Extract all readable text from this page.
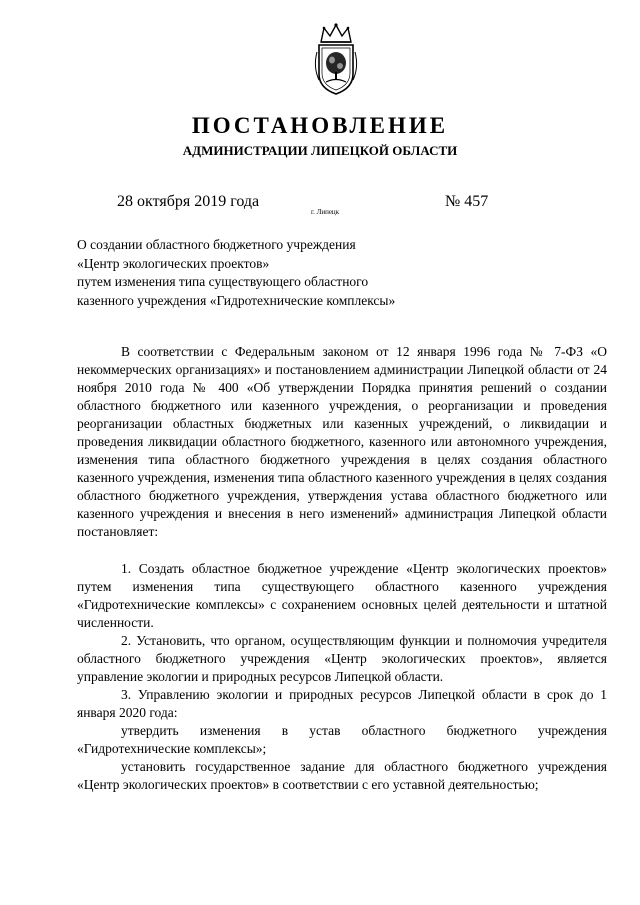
ПОСТАНОВЛЕНИЕ
АДМИНИСТРАЦИИ ЛИПЕЦКОЙ ОБЛАСТИ
28 октября 2019 года
г. Липецк
№ 457
О создании областного бюджетного учреждения
«Центр экологических проектов»
путем изменения типа существующего областного
казенного учреждения «Гидротехнические комплексы»

В соответствии с Федеральным законом от 12 января 1996 года № 7-ФЗ «О некоммерческих организациях» и постановлением администрации Липецкой области от 24 ноября 2010 года № 400 «Об утверждении Порядка принятия решений о создании областного бюджетного или казенного учреждения, о реорганизации и проведения реорганизации областных бюджетных или казенных учреждений, о ликвидации и проведения ликвидации областного бюджетного, казенного или автономного учреждения, изменения типа областного бюджетного учреждения в целях создания областного казенного учреждения, изменения типа областного казенного учреждения в целях создания областного бюджетного учреждения, утверждения устава областного бюджетного или казенного учреждения и внесения в него изменений» администрация Липецкой области постановляет:

1. Создать областное бюджетное учреждение «Центр экологических проектов» путем изменения типа существующего областного казенного учреждения «Гидротехнические комплексы» с сохранением основных целей деятельности и штатной численности.

2. Установить, что органом, осуществляющим функции и полномочия учредителя областного бюджетного учреждения «Центр экологических проектов», является управление экологии и природных ресурсов Липецкой области.

3. Управлению экологии и природных ресурсов Липецкой области в срок до 1 января 2020 года:

утвердить изменения в устав областного бюджетного учреждения «Гидротехнические комплексы»;

установить государственное задание для областного бюджетного учреждения «Центр экологических проектов» в соответствии с его уставной деятельностью;
